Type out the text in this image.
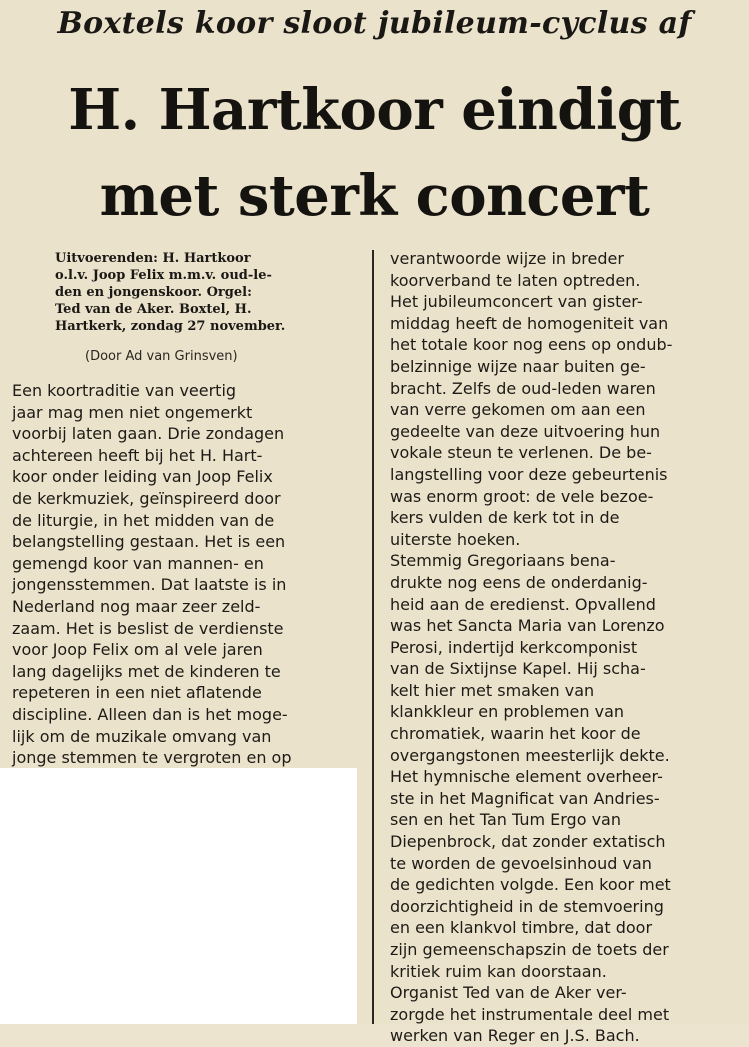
Boxtels koor sloot jubileum-cyclus af
H. Hartkoor eindigt
met sterk concert
Uitvoerenden: H. Hartkoor
o.l.v. Joop Felix m.m.v. oud-le-
den en jongenskoor. Orgel:
Ted van de Aker. Boxtel, H.
Hartkerk, zondag 27 november.
(Door Ad van Grinsven)
Een koortraditie van veertig
jaar mag men niet ongemerkt
voorbij laten gaan. Drie zondagen
achtereen heeft bij het H. Hart-
koor onder leiding van Joop Felix
de kerkmuziek, geïnspireerd door
de liturgie, in het midden van de
belangstelling gestaan. Het is een
gemengd koor van mannen- en
jongensstemmen. Dat laatste is in
Nederland nog maar zeer zeld-
zaam. Het is beslist de verdienste
voor Joop Felix om al vele jaren
lang dagelijks met de kinderen te
repeteren in een niet aflatende
discipline. Alleen dan is het moge-
lijk om de muzikale omvang van
jonge stemmen te vergroten en op
verantwoorde wijze in breder
koorverband te laten optreden.
Het jubileumconcert van gister-
middag heeft de homogeniteit van
het totale koor nog eens op ondub-
belzinnige wijze naar buiten ge-
bracht. Zelfs de oud-leden waren
van verre gekomen om aan een
gedeelte van deze uitvoering hun
vokale steun te verlenen. De be-
langstelling voor deze gebeurtenis
was enorm groot: de vele bezoe-
kers vulden de kerk tot in de
uiterste hoeken.
Stemmig Gregoriaans bena-
drukte nog eens de onderdanig-
heid aan de eredienst. Opvallend
was het Sancta Maria van Lorenzo
Perosi, indertijd kerkcomponist
van de Sixtijnse Kapel. Hij scha-
kelt hier met smaken van
klankkleur en problemen van
chromatiek, waarin het koor de
overgangstonen meesterlijk dekte.
Het hymnische element overheer-
ste in het Magnificat van Andries-
sen en het Tan Tum Ergo van
Diepenbrock, dat zonder extatisch
te worden de gevoelsinhoud van
de gedichten volgde. Een koor met
doorzichtigheid in de stemvoering
en een klankvol timbre, dat door
zijn gemeenschapszin de toets der
kritiek ruim kan doorstaan.
Organist Ted van de Aker ver-
zorgde het instrumentale deel met
werken van Reger en J.S. Bach.
